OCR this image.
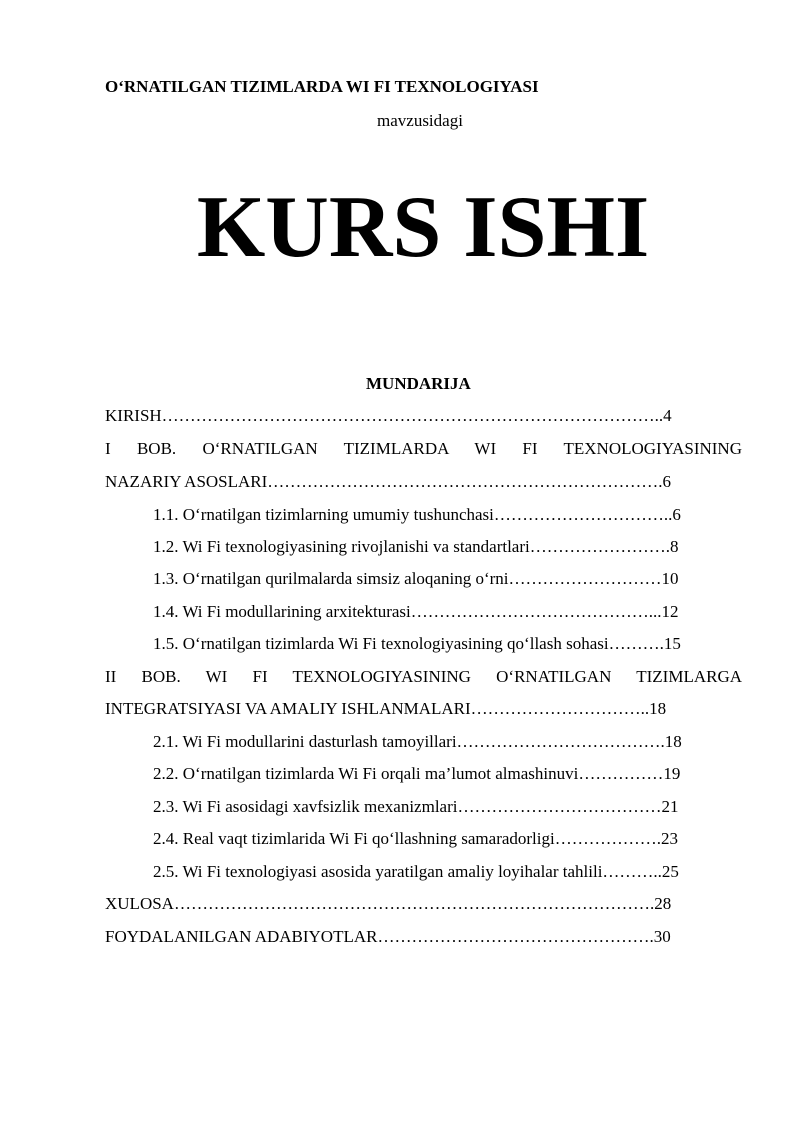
O‘RNATILGAN TIZIMLARDA WI FI TEXNOLOGIYASI
mavzusidagi
KURS ISHI
MUNDARIJA
KIRISH……………………………………………………………………………..4
I BOB. O‘RNATILGAN TIZIMLARDA WI FI TEXNOLOGIYASINING
NAZARIY ASOSLARI…………………………………………………………….6
1.1. O‘rnatilgan tizimlarning umumiy tushunchasi…………………………..6
1.2. Wi Fi texnologiyasining rivojlanishi va standartlari…………………….8
1.3. O‘rnatilgan qurilmalarda simsiz aloqaning o‘rni………………………10
1.4. Wi Fi modullarining arxitekturasi……………………………………...12
1.5. O‘rnatilgan tizimlarda Wi Fi texnologiyasining qo‘llash sohasi……….15
II BOB. WI FI TEXNOLOGIYASINING O‘RNATILGAN TIZIMLARGA
INTEGRATSIYASI VA AMALIY ISHLANMALARI…………………………..18
2.1. Wi Fi modullarini dasturlash tamoyillari……………………………….18
2.2. O‘rnatilgan tizimlarda Wi Fi orqali ma’lumot almashinuvi……………19
2.3. Wi Fi asosidagi xavfsizlik mexanizmlari………………………………21
2.4. Real vaqt tizimlarida Wi Fi qo‘llashning samaradorligi……………….23
2.5. Wi Fi texnologiyasi asosida yaratilgan amaliy loyihalar tahlili………..25
XULOSA………………………………………………………………………….28
FOYDALANILGAN ADABIYOTLAR………………………………………….30
